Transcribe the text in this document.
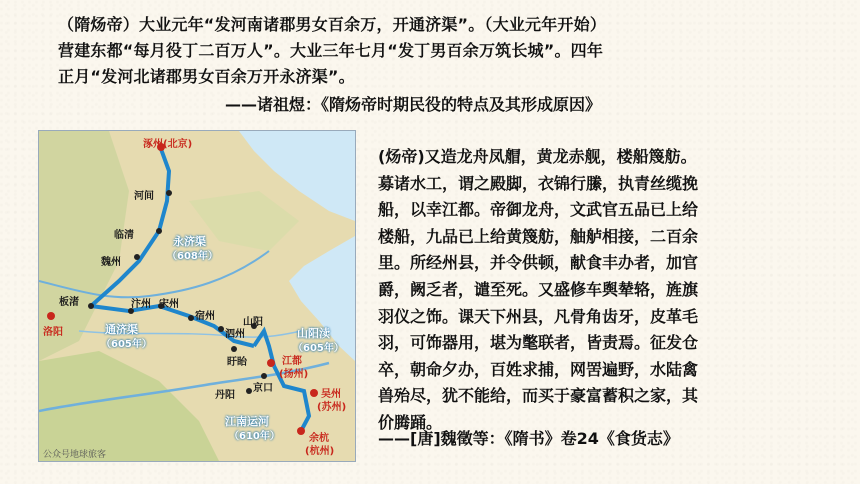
（隋炀帝）大业元年“发河南诸郡男女百余万，开通济渠”。（大业元年开始）
营建东都“每月役丁二百万人”。大业三年七月“发丁男百余万筑长城”。四年
正月“发河北诸郡男女百余万开永济渠”。
——诸祖煜：《隋炀帝时期民役的特点及其形成原因》
涿州(北京)
河间
临清
魏州
永济渠
（608年）
板渚
洛阳
汴州 宋州
宿州
泗州
盱眙
山阳
通济渠
（605年）
山阳渎
（605年）
江都
(扬州)
丹阳
京口
吴州
(苏州)
江南运河
（610年）	余杭
(杭州)
公众号地球旅客
(炀帝)又造龙舟凤艒，黄龙赤舰，楼船篾舫。
募诸水工，谓之殿脚，衣锦行縢，执青丝缆挽
船，以幸江都。帝御龙舟，文武官五品已上给
楼船，九品已上给黄篾舫，舳舻相接，二百余
里。所经州县，并令供顿，献食丰办者，加官
爵，阙乏者，谴至死。又盛修车舆辇辂，旌旗
羽仪之饰。课天下州县，凡骨角齿牙，皮革毛
羽，可饰器用，堪为氅联者，皆责焉。征发仓
卒，朝命夕办，百姓求捕，网罟遍野，水陆禽
兽殆尽，犹不能给，而买于豪富蓄积之家，其
价腾踊。
——[唐]魏徵等：《隋书》卷24《食货志》
